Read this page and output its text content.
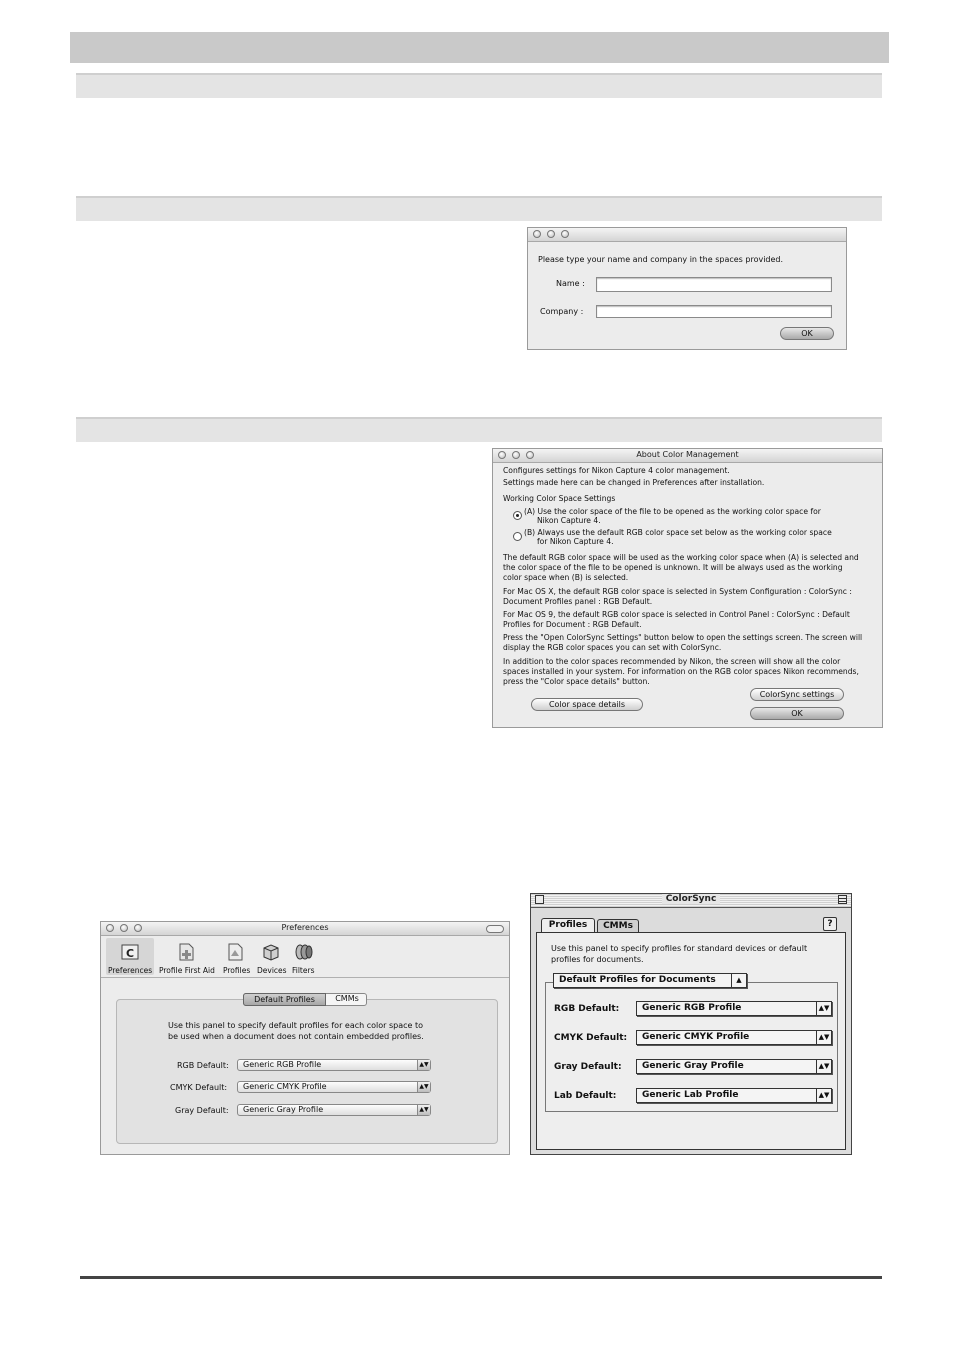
Please type your name and company in the spaces provided.
Name :
Company :
OK
About Color Management
Configures settings for Nikon Capture 4 color management.
Settings made here can be changed in Preferences after installation.
Working Color Space Settings
(A) Use the color space of the file to be opened as the working color space for
Nikon Capture 4.
(B) Always use the default RGB color space set below as the working color space
for Nikon Capture 4.
The default RGB color space will be used as the working color space when (A) is selected and
the color space of the file to be opened is unknown. It will be always used as the working
color space when (B) is selected.
For Mac OS X, the default RGB color space is selected in System Configuration : ColorSync :
Document Profiles panel : RGB Default.
For Mac OS 9, the default RGB color space is selected in Control Panel : ColorSync : Default
Profiles for Document : RGB Default.
Press the "Open ColorSync Settings" button below to open the settings screen. The screen will
display the RGB color spaces you can set with ColorSync.
In addition to the color spaces recommended by Nikon, the screen will show all the color
spaces installed in your system. For information on the RGB color spaces Nikon recommends,
press the "Color space details" button.
ColorSync settings
Color space details
OK
Preferences
C
Preferences Profile First Aid Profiles Devices Filters
Default Profiles	CMMs
Use this panel to specify default profiles for each color space to
be used when a document does not contain embedded profiles.
RGB Default:	Generic RGB Profile	▲▼
CMYK Default:	Generic CMYK Profile	▲▼
Gray Default:	Generic Gray Profile	▲▼
ColorSync
Profiles	CMMs	?
Use this panel to specify profiles for standard devices or default
profiles for documents.
Default Profiles for Documents	▲

RGB Default:	Generic RGB Profile	▲▼
CMYK Default:	Generic CMYK Profile	▲▼
Gray Default:	Generic Gray Profile	▲▼
Lab Default:	Generic Lab Profile	▲▼
